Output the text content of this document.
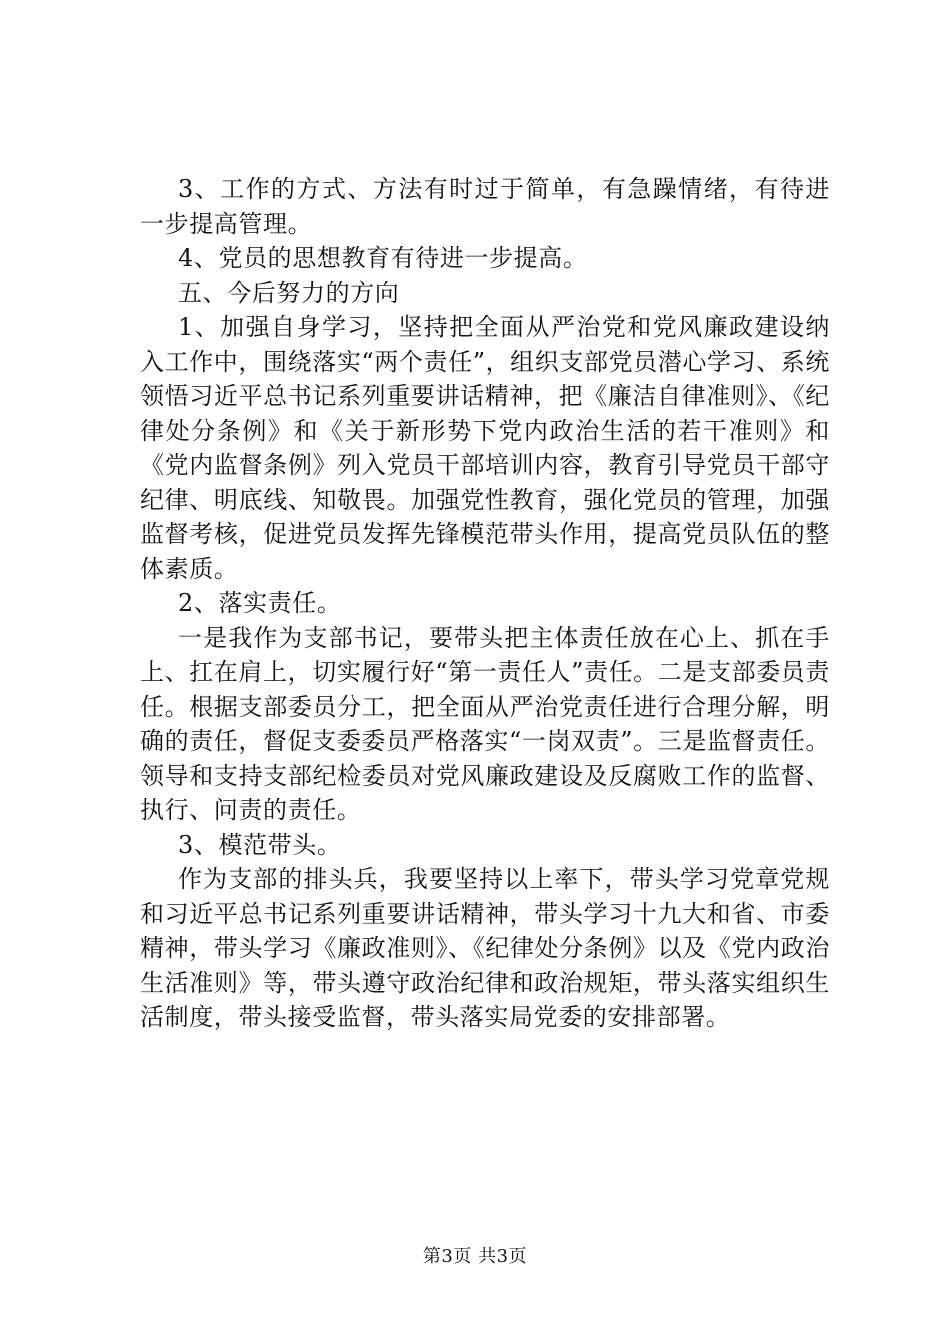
3、工作的方式、方法有时过于简单，有急躁情绪，有待进一步提高管理。

4、党员的思想教育有待进一步提高。

五、今后努力的方向

1、加强自身学习，坚持把全面从严治党和党风廉政建设纳入工作中，围绕落实“两个责任”，组织支部党员潜心学习、系统领悟习近平总书记系列重要讲话精神，把《廉洁自律准则》、《纪律处分条例》和《关于新形势下党内政治生活的若干准则》和《党内监督条例》列入党员干部培训内容，教育引导党员干部守纪律、明底线、知敬畏。加强党性教育，强化党员的管理，加强监督考核，促进党员发挥先锋模范带头作用，提高党员队伍的整体素质。

2、落实责任。

一是我作为支部书记，要带头把主体责任放在心上、抓在手上、扛在肩上，切实履行好“第一责任人”责任。二是支部委员责任。根据支部委员分工，把全面从严治党责任进行合理分解，明确的责任，督促支委委员严格落实“一岗双责”。三是监督责任。领导和支持支部纪检委员对党风廉政建设及反腐败工作的监督、执行、问责的责任。

3、模范带头。

作为支部的排头兵，我要坚持以上率下，带头学习党章党规和习近平总书记系列重要讲话精神，带头学习十九大和省、市委精神，带头学习《廉政准则》、《纪律处分条例》以及《党内政治生活准则》等，带头遵守政治纪律和政治规矩，带头落实组织生活制度，带头接受监督，带头落实局党委的安排部署。

第3页 共3页
